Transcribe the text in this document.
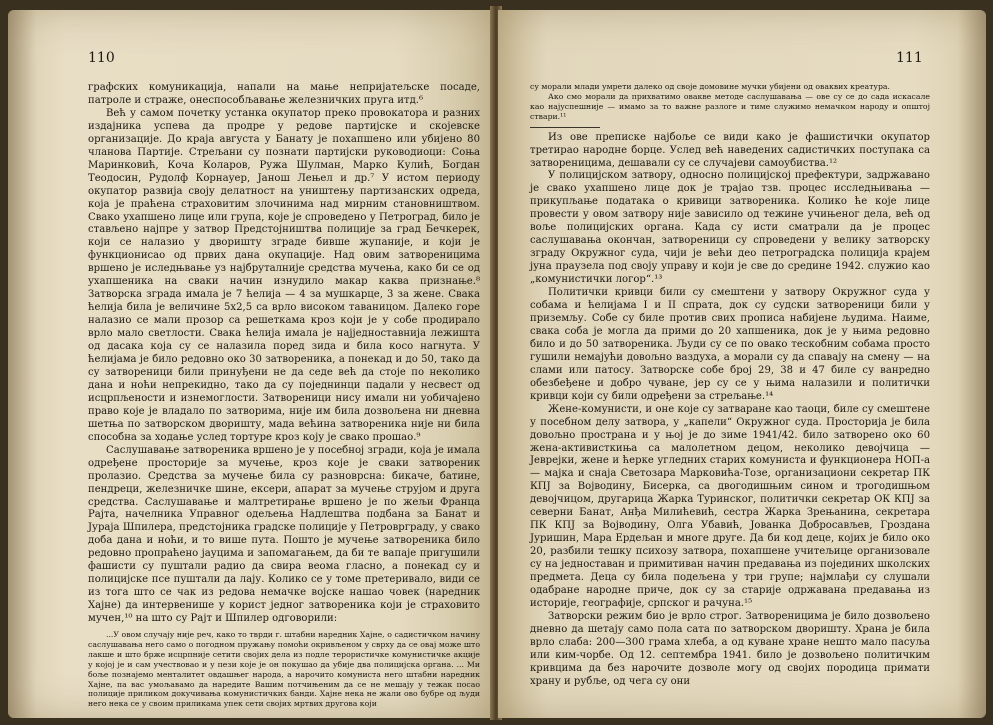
110

графских комуникација, напали на мање непријатељске посаде, патроле и страже, онеспособљавање железничких пруга итд.⁶

Већ у самом почетку устанка окупатор преко провокатора и разних издајника успева да продре у редове партијске и скојевске организације. До краја августа у Банату је похапшено или убијено 80 чланова Партије. Стрељани су познати партијски руководиоци: Соња Маринковић, Коча Коларов, Ружа Шулман, Марко Кулић, Богдан Теодосин, Рудолф Корнауер, Јанош Лењел и др.⁷ У истом периоду окупатор развија своју делатност на уништењу партизанских одреда, која је праћена страховитим злочинима над мирним становништвом. Свако ухапшено лице или група, које је спроведено у Петроград, било је стављено најпре у затвор Предстојништва полиције за град Бечкерек, који се налазио у дворишту зграде бивше жупаније, и који је функционисао од првих дана окупације. Над овим затвореницима вршено је иследњвање уз најбруталније средства мучења, како би се од ухапшеника на сваки начин изнудило макар каква признање.⁸ Затворска зграда имала је 7 ћелија — 4 за мушкарце, 3 за жене. Свака ћелија била је величине 5x2,5 са врло високом таваницом. Далеко горе налазио се мали прозор са решеткама кроз који је у собе продирало врло мало светлости. Свака ћелија имала је најједноставнија лежишта од дасака која су се налазила поред зида и била косо нагнута. У ћелијама је било редовно око 30 затвореника, а понекад и до 50, тако да су затвореници били принуђени не да седе већ да стоје по неколико дана и ноћи непрекидно, тако да су поједнинци падали у несвест од исцрпљености и изнемоглости. Затвореници нису имали ни уобичајено право које је владало по затворима, није им била дозвољена ни дневна шетња по затворском дворишту, мада већина затвореника није ни била способна за ходање услед тортуре кроз коју је свако прошао.⁹

Саслушавање затвореника вршено је у посебној згради, која је имала одређене просторије за мучење, кроз које је сваки затвореник пролазио. Средства за мучење била су разноврсна: бикаче, батине, пендреци, железничке шине, ексери, апарат за мучење струјом и друга средства. Саслушавање и малтретирање вршено је по жељи Франца Рајта, начелника Управног одељења Надлештва подбана за Банат и Јураја Шпилера, предстојника градске полиције у Петроврграду, у свако доба дана и ноћи, и то више пута. Пошто је мучење затвореника било редовно пропраћено јауцима и запомагањем, да би те вапаје пригушили фашисти су пуштали радио да свира веома гласно, а понекад су и полицијске псе пуштали да лају. Колико се у томе претеривало, види се из тога што се чак из редова немачке војске нашао човек (наредник Хајне) да интервенише у корист једног затвореника који је страховито мучен,¹⁰ на што су Рајт и Шпилер одговорили:

...У овом случају није реч, како то тврди г. штабни наредник Хајне, о садистичком начину саслушавања него само о погодном пружању помоћи окривљеном у сврху да се овај може што лакше и што брже исцрпније сетити својих дела из подле терористичке комунистичке акције у којој је и сам учествовао и у пези које је он покушао да убије два полицијска органа. ... Ми боље познајемо менталитет овдашњег народа, а нарочито комуниста него штабни наредник Хајне, па вас умољавамо да наредите Вашим потчињеним да се не мешају у тежак посао полиције приликом докучивања комунистичких банди. Хајне нека не жали ово бубре од људи него нека се у своим приликама упек сети својих мртвих другова који

111

су морали млади умрети далеко од своје домовине мучки убијени од оваквих креатура.

Ако смо морали да прихватимо овакве методе саслушавања — ове су се до сада искасале као најуспешније — имамо за то важне разлоге и тиме служимо немачком народу и општој ствари.¹¹

Из ове преписке најбоље се види како је фашистички окупатор третирао народне борце. Услед већ наведених садистичких поступака са затвореницима, дешавали су се случајеви самоубиства.¹²

У полицијском затвору, односно полицијској префектури, задржавано је свако ухапшено лице док је трајао тзв. процес исследњивања — прикупљање података о кривици затвореника. Колико ће које лице провести у овом затвору није зависило од тежине учињеног дела, већ од воље полицијских органа. Када су исти сматрали да је процес саслушавања окончан, затвореници су спроведени у велику затворску зграду Окружног суда, чији је већи део петроградска полиција крајем јуна праузела под своју управу и који је све до средине 1942. служио као „комунистички логор“.¹³

Политички кривци били су смештени у затвору Окружног суда у собама и ћелијама I и II спрата, док су судски затвореници били у приземљу. Собе су биле против свих прописа набијене људима. Наиме, свака соба је могла да прими до 20 хапшеника, док је у њима редовно било и до 50 затвореника. Људи су се по овако тескобним собама просто гушили немајући довољно ваздуха, а морали су да спавају на смену — на слами или патосу. Затворске собе број 29, 38 и 47 биле су ванредно обезбеђене и добро чуване, јер су се у њима налазили и политички кривци који су били одређени за стрељање.¹⁴

Жене-комунисти, и оне које су затваране као таоци, биле су смештене у посебном делу затвора, у „капели“ Окружног суда. Просторија је била довољно пространа и у њој је до зиме 1941/42. било затворено око 60 жена-активисткиња са малолетном децом, неколико девојчица — Јеврејки, жене и ћерке угледних старих комуниста и функционера НОП-а — мајка и снаја Светозара Марковића-Тозе, организациони секретар ПК КПЈ за Војводину, Бисерка, са двогодишњим сином и трогодишњом девојчицом, другарица Жарка Туринског, политички секретар ОК КПЈ за северни Банат, Анђа Милићевић, сестра Жарка Зрењанина, секретара ПК КПЈ за Војводину, Олга Убавић, Јованка Добросављев, Гроздана Јуришин, Мара Ердељан и многе друге. Да би код деце, којих је било око 20, разбили тешку психозу затвора, похапшене учитељице организовале су на једноставан и примитиван начин предавања из појединих школских предмета. Деца су била подељена у три групе; најмлађи су слушали одабране народне приче, док су за старије одржавана предавања из историје, географије, српског и рачуна.¹⁵

Затворски режим био је врло строг. Затвореницима је било дозвољено дневно да шетају само пола сата по затворском дворишту. Храна је била врло слаба: 200—300 грама хлеба, а од куване хране нешто мало пасуља или ким-чорбе. Од 12. септембра 1941. било је дозвољено политичким кривцима да без нарочите дозволе могу од својих породица примати храну и рубље, од чега су они
